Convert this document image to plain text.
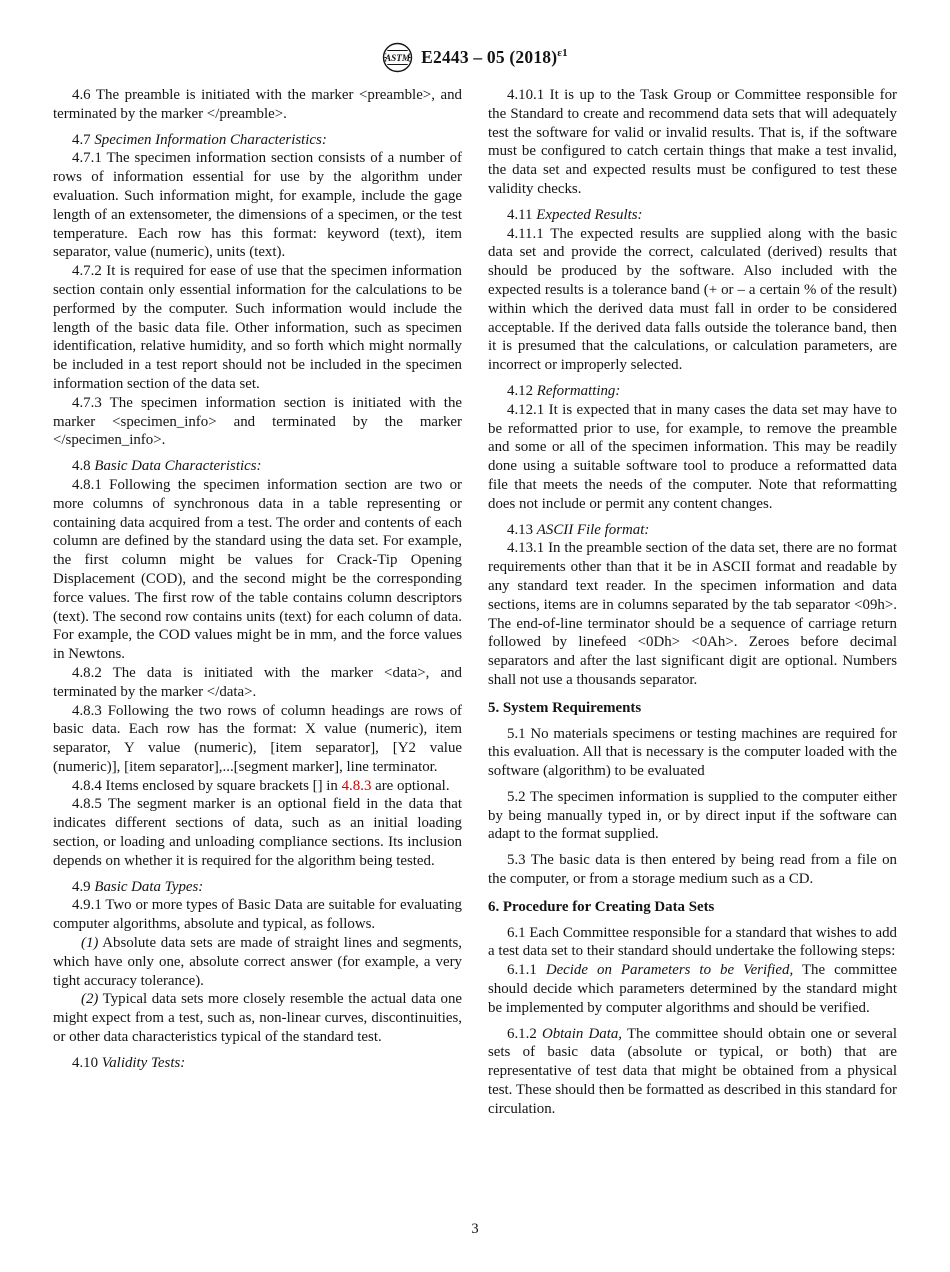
ASTM E2443 – 05 $(2018)^{\varepsilon 1}$

4.6 The preamble is initiated with the marker <preamble>, and terminated by the marker </preamble>.

4.7 Specimen Information Characteristics:

4.7.1 The specimen information section consists of a number of rows of information essential for use by the algorithm under evaluation. Such information might, for example, include the gage length of an extensometer, the dimensions of a specimen, or the test temperature. Each row has this format: keyword (text), item separator, value (numeric), units (text).

4.7.2 It is required for ease of use that the specimen information section contain only essential information for the calculations to be performed by the computer. Such information would include the length of the basic data file. Other information, such as specimen identification, relative humidity, and so forth which might normally be included in a test report should not be included in the specimen information section of the data set.

4.7.3 The specimen information section is initiated with the marker <specimen_info> and terminated by the marker </specimen_info>.

4.8 Basic Data Characteristics:

4.8.1 Following the specimen information section are two or more columns of synchronous data in a table representing or containing data acquired from a test. The order and contents of each column are defined by the standard using the data set. For example, the first column might be values for Crack-Tip Opening Displacement (COD), and the second might be the corresponding force values. The first row of the table contains column descriptors (text). The second row contains units (text) for each column of data. For example, the COD values might be in mm, and the force values in Newtons.

4.8.2 The data is initiated with the marker <data>, and terminated by the marker </data>.

4.8.3 Following the two rows of column headings are rows of basic data. Each row has the format: X value (numeric), item separator, Y value (numeric), [item separator], [Y2 value (numeric)], [item separator],...[segment marker], line terminator.

4.8.4 Items enclosed by square brackets [] in 4.8.3 are optional.

4.8.5 The segment marker is an optional field in the data that indicates different sections of data, such as an initial loading section, or loading and unloading compliance sections. Its inclusion depends on whether it is required for the algorithm being tested.

4.9 Basic Data Types:

4.9.1 Two or more types of Basic Data are suitable for evaluating computer algorithms, absolute and typical, as follows.

(1) Absolute data sets are made of straight lines and segments, which have only one, absolute correct answer (for example, a very tight accuracy tolerance).

(2) Typical data sets more closely resemble the actual data one might expect from a test, such as, non-linear curves, discontinuities, or other data characteristics typical of the standard test.

4.10 Validity Tests:

4.10.1 It is up to the Task Group or Committee responsible for the Standard to create and recommend data sets that will adequately test the software for valid or invalid results. That is, if the software must be configured to catch certain things that make a test invalid, the data set and expected results must be configured to test these validity checks.

4.11 Expected Results:

4.11.1 The expected results are supplied along with the basic data set and provide the correct, calculated (derived) results that should be produced by the software. Also included with the expected results is a tolerance band (+ or – a certain % of the result) within which the derived data must fall in order to be considered acceptable. If the derived data falls outside the tolerance band, then it is presumed that the calculations, or calculation parameters, are incorrect or improperly selected.

4.12 Reformatting:

4.12.1 It is expected that in many cases the data set may have to be reformatted prior to use, for example, to remove the preamble and some or all of the specimen information. This may be readily done using a suitable software tool to produce a reformatted data file that meets the needs of the computer. Note that reformatting does not include or permit any content changes.

4.13 ASCII File format:

4.13.1 In the preamble section of the data set, there are no format requirements other than that it be in ASCII format and readable by any standard text reader. In the specimen information and data sections, items are in columns separated by the tab separator <09h>. The end-of-line terminator should be a sequence of carriage return followed by linefeed <0Dh> <0Ah>. Zeroes before decimal separators and after the last significant digit are optional. Numbers shall not use a thousands separator.

5. System Requirements

5.1 No materials specimens or testing machines are required for this evaluation. All that is necessary is the computer loaded with the software (algorithm) to be evaluated

5.2 The specimen information is supplied to the computer either by being manually typed in, or by direct input if the software can adapt to the format supplied.

5.3 The basic data is then entered by being read from a file on the computer, or from a storage medium such as a CD.

6. Procedure for Creating Data Sets

6.1 Each Committee responsible for a standard that wishes to add a test data set to their standard should undertake the following steps:

6.1.1 Decide on Parameters to be Verified, The committee should decide which parameters determined by the standard might be implemented by computer algorithms and should be verified.

6.1.2 Obtain Data, The committee should obtain one or several sets of basic data (absolute or typical, or both) that are representative of test data that might be obtained from a physical test. These should then be formatted as described in this standard for circulation.

3
